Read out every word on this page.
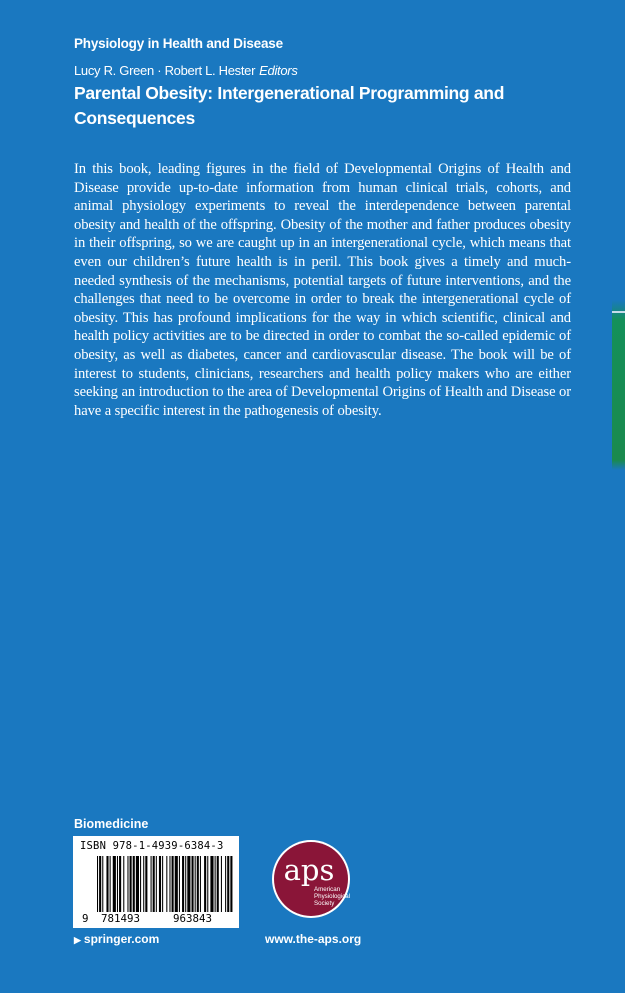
Physiology in Health and Disease
Lucy R. Green · Robert L. Hester Editors
Parental Obesity: Intergenerational Programming and
Consequences
In this book, leading figures in the field of Developmental Origins of Health and Disease provide up-to-date information from human clinical trials, cohorts, and animal physiology experiments to reveal the interdependence between parental obesity and health of the offspring. Obesity of the mother and father produces obesity in their offspring, so we are caught up in an intergenerational cycle, which means that even our children’s future health is in peril. This book gives a timely and much-needed synthesis of the mechanisms, potential targets of future interventions, and the challenges that need to be overcome in order to break the intergenerational cycle of obesity. This has profound implications for the way in which scientific, clinical and health policy activities are to be directed in order to combat the so-called epidemic of obesity, as well as diabetes, cancer and cardiovascular disease. The book will be of interest to students, clinicians, researchers and health policy makers who are either seeking an introduction to the area of Developmental Origins of Health and Disease or have a specific interest in the pathogenesis of obesity.
Biomedicine
ISBN 978-1-4939-6384-3
9 781493	963843
aps
American
Physiological
Society
▶ springer.com	www.the-aps.org
